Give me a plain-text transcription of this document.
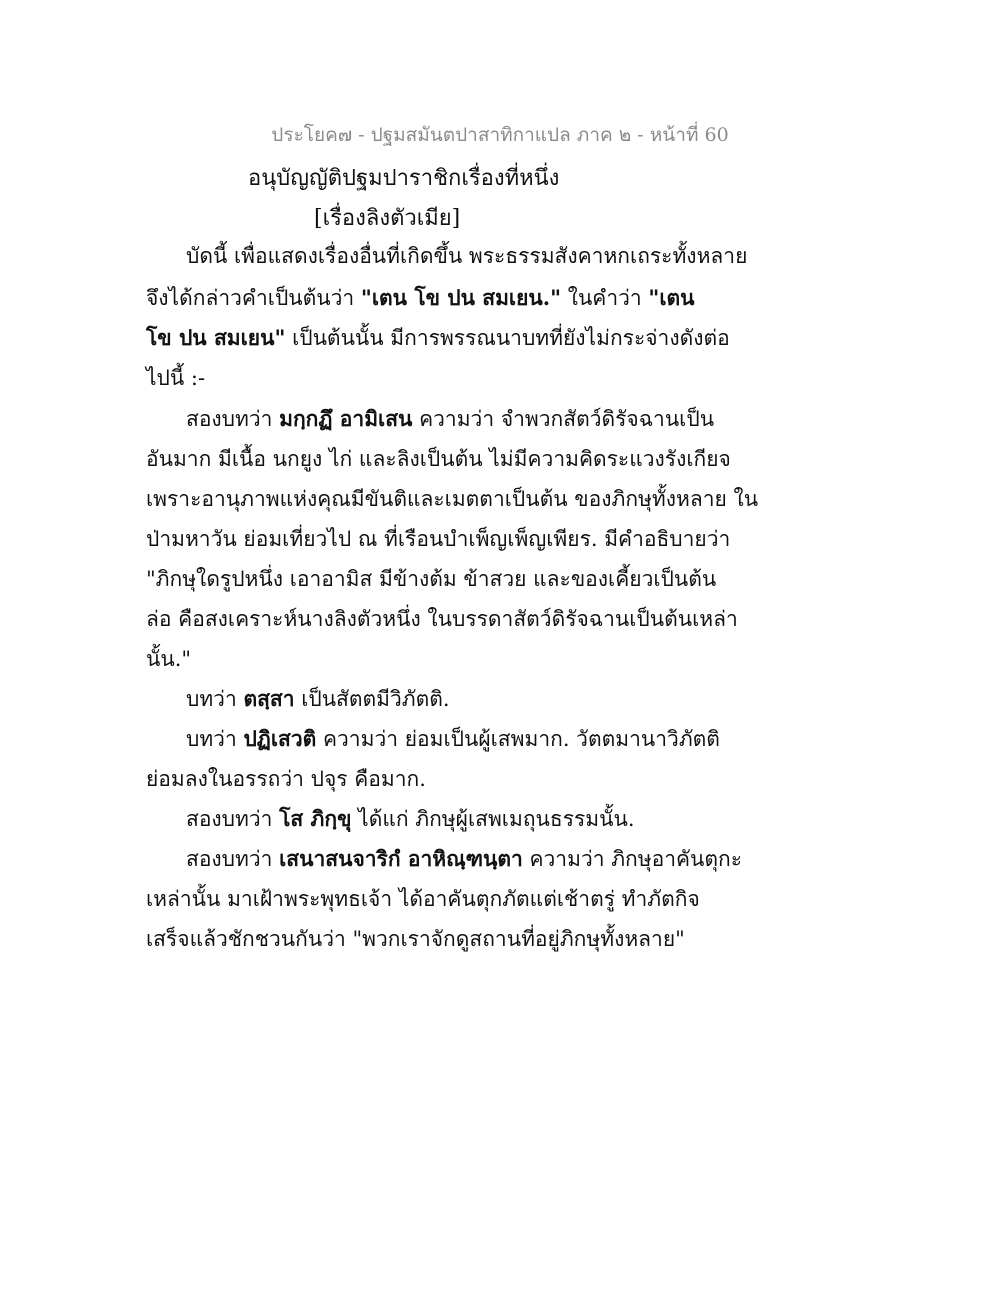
ประโยค๗ - ปฐมสมันตปาสาทิกาแปล ภาค ๒ - หน้าที่ 60
อนุบัญญัติปฐมปาราชิกเรื่องที่หนึ่ง
[เรื่องลิงตัวเมีย]
บัดนี้ เพื่อแสดงเรื่องอื่นที่เกิดขึ้น พระธรรมสังคาหกเถระทั้งหลาย
จึงได้กล่าวคำเป็นต้นว่า "เตน โข ปน สมเยน." ในคำว่า "เตน
โข ปน สมเยน" เป็นต้นนั้น มีการพรรณนาบทที่ยังไม่กระจ่างดังต่อ
ไปนี้ :-
สองบทว่า มกฺกฏึ อามิเสน ความว่า จำพวกสัตว์ดิรัจฉานเป็น
อันมาก มีเนื้อ นกยูง ไก่ และลิงเป็นต้น ไม่มีความคิดระแวงรังเกียจ
เพราะอานุภาพแห่งคุณมีขันติและเมตตาเป็นต้น ของภิกษุทั้งหลาย ใน
ป่ามหาวัน ย่อมเที่ยวไป ณ ที่เรือนบำเพ็ญเพ็ญเพียร. มีคำอธิบายว่า
"ภิกษุใดรูปหนึ่ง เอาอามิส มีข้างต้ม ข้าสวย และของเคี้ยวเป็นต้น
ล่อ คือสงเคราะห์นางลิงตัวหนึ่ง ในบรรดาสัตว์ดิรัจฉานเป็นต้นเหล่า
นั้น."
บทว่า ตสฺสา เป็นสัตตมีวิภัตติ.
บทว่า ปฏิเสวติ ความว่า ย่อมเป็นผู้เสพมาก. วัตตมานาวิภัตติ
ย่อมลงในอรรถว่า ปจุร คือมาก.
สองบทว่า โส ภิกฺขุ ได้แก่ ภิกษุผู้เสพเมถุนธรรมนั้น.
สองบทว่า เสนาสนจาริกํ อาหิณฺฑนฺตา ความว่า ภิกษุอาคันตุกะ
เหล่านั้น มาเฝ้าพระพุทธเจ้า ได้อาคันตุกภัตแต่เช้าตรู่ ทำภัตกิจ
เสร็จแล้วชักชวนกันว่า "พวกเราจักดูสถานที่อยู่ภิกษุทั้งหลาย"
